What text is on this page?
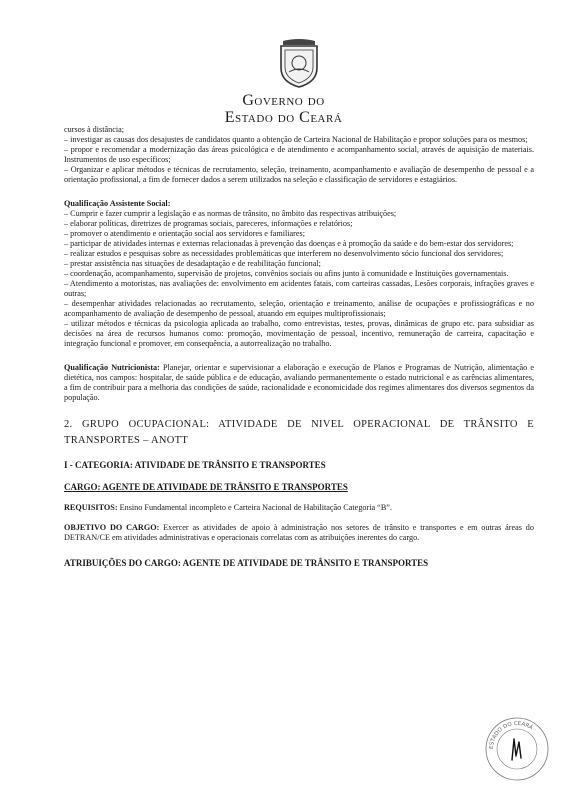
Governo do
Estado do Ceará

cursos à distância;

– investigar as causas dos desajustes de candidatos quanto a obtenção de Carteira Nacional de Habilitação e propor soluções para os mesmos;

– propor e recomendar a modernização das áreas psicológica e de atendimento e acompanhamento social, através de aquisição de materiais. Instrumentos de uso específicos;

– Organizar e aplicar métodos e técnicas de recrutamento, seleção, treinamento, acompanhamento e avaliação de desempenho de pessoal e a orientação profissional, a fim de fornecer dados a serem utilizados na seleção e classificação de servidores e estagiários.

Qualificação Assistente Social:

– Cumprir e fazer cumprir a legislação e as normas de trânsito, no âmbito das respectivas atribuições;

– elaborar políticas, diretrizes de programas sociais, pareceres, informações e relatórios;

– promover o atendimento e orientação social aos servidores e familiares;

– participar de atividades internas e externas relacionadas à prevenção das doenças e à promoção da saúde e do bem-estar dos servidores;

– realizar estudos e pesquisas sobre as necessidades problemáticas que interferem no desenvolvimento sócio funcional dos servidores;

– prestar assistência nas situações de desadaptação e de reabilitação funcional;

– coordenação, acompanhamento, supervisão de projetos, convênios sociais ou afins junto à comunidade e Instituições governamentais.

– Atendimento a motoristas, nas avaliações de: envolvimento em acidentes fatais, com carteiras cassadas, Lesões corporais, infrações graves e outras;

– desempenhar atividades relacionadas ao recrutamento, seleção, orientação e treinamento, análise de ocupações e profissiográficas e no acompanhamento de avaliação de desempenho de pessoal, atuando em equipes multiprofissionais;

– utilizar métodos e técnicas da psicologia aplicada ao trabalho, como entrevistas, testes, provas, dinâmicas de grupo etc. para subsidiar as decisões na área de recursos humanos como: promoção, movimentação de pessoal, incentivo, remuneração de carreira, capacitação e integração funcional e promover, em consequência, a autorrealização no trabalho.

Qualificação Nutricionista: Planejar, orientar e supervisionar a elaboração e execução de Planos e Programas de Nutrição, alimentação e dietética, nos campos: hospitalar, de saúde pública e de educação, avaliando permanentemente o estado nutricional e as carências alimentares, a fim de contribuir para a melhoria das condições de saúde, racionalidade e economicidade dos regimes alimentares dos diversos segmentos da população.

2. GRUPO OCUPACIONAL: ATIVIDADE DE NIVEL OPERACIONAL DE TRÂNSITO E TRANSPORTES – ANOTT

I - CATEGORIA: ATIVIDADE DE TRÂNSITO E TRANSPORTES

CARGO: AGENTE DE ATIVIDADE DE TRÂNSITO E TRANSPORTES

REQUISITOS: Ensino Fundamental incompleto e Carteira Nacional de Habilitação Categoria “B”.

OBJETIVO DO CARGO: Exercer as atividades de apoio à administração nos setores de trânsito e transportes e em outras áreas do DETRAN/CE em atividades administrativas e operacionais correlatas com as atribuições inerentes do cargo.

ATRIBUIÇÕES DO CARGO: AGENTE DE ATIVIDADE DE TRÂNSITO E TRANSPORTES

ESTADO DO CEARÁ
